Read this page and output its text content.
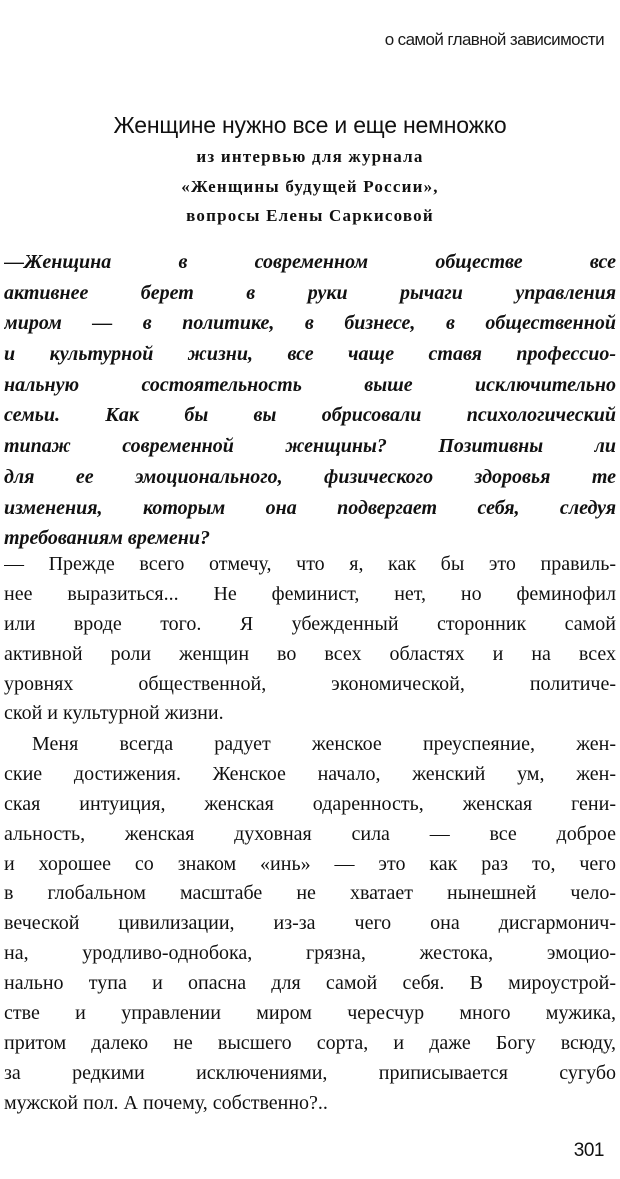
о самой главной зависимости
Женщине нужно все и еще немножко
из интервью для журнала
«Женщины будущей России»,
вопросы Елены Саркисовой
—Женщина в современном обществе все
активнее берет в руки рычаги управления
миром — в политике, в бизнесе, в общественной
и культурной жизни, все чаще ставя профессио-
нальную состоятельность выше исключительно
семьи. Как бы вы обрисовали психологический
типаж современной женщины? Позитивны ли
для ее эмоционального, физического здоровья те
изменения, которым она подвергает себя, следуя
требованиям времени?
— Прежде всего отмечу, что я, как бы это правиль-
нее выразиться... Не феминист, нет, но феминофил
или вроде того. Я убежденный сторонник самой
активной роли женщин во всех областях и на всех
уровнях общественной, экономической, политиче-
ской и культурной жизни.
Меня всегда радует женское преуспеяние, жен-
ские достижения. Женское начало, женский ум, жен-
ская интуиция, женская одаренность, женская гени-
альность, женская духовная сила — все доброе
и хорошее со знаком «инь» — это как раз то, чего
в глобальном масштабе не хватает нынешней чело-
веческой цивилизации, из-за чего она дисгармонич-
на, уродливо-однобока, грязна, жестока, эмоцио-
нально тупа и опасна для самой себя. В мироустрой-
стве и управлении миром чересчур много мужика,
притом далеко не высшего сорта, и даже Богу всюду,
за редкими исключениями, приписывается сугубо
мужской пол. А почему, собственно?..
301
